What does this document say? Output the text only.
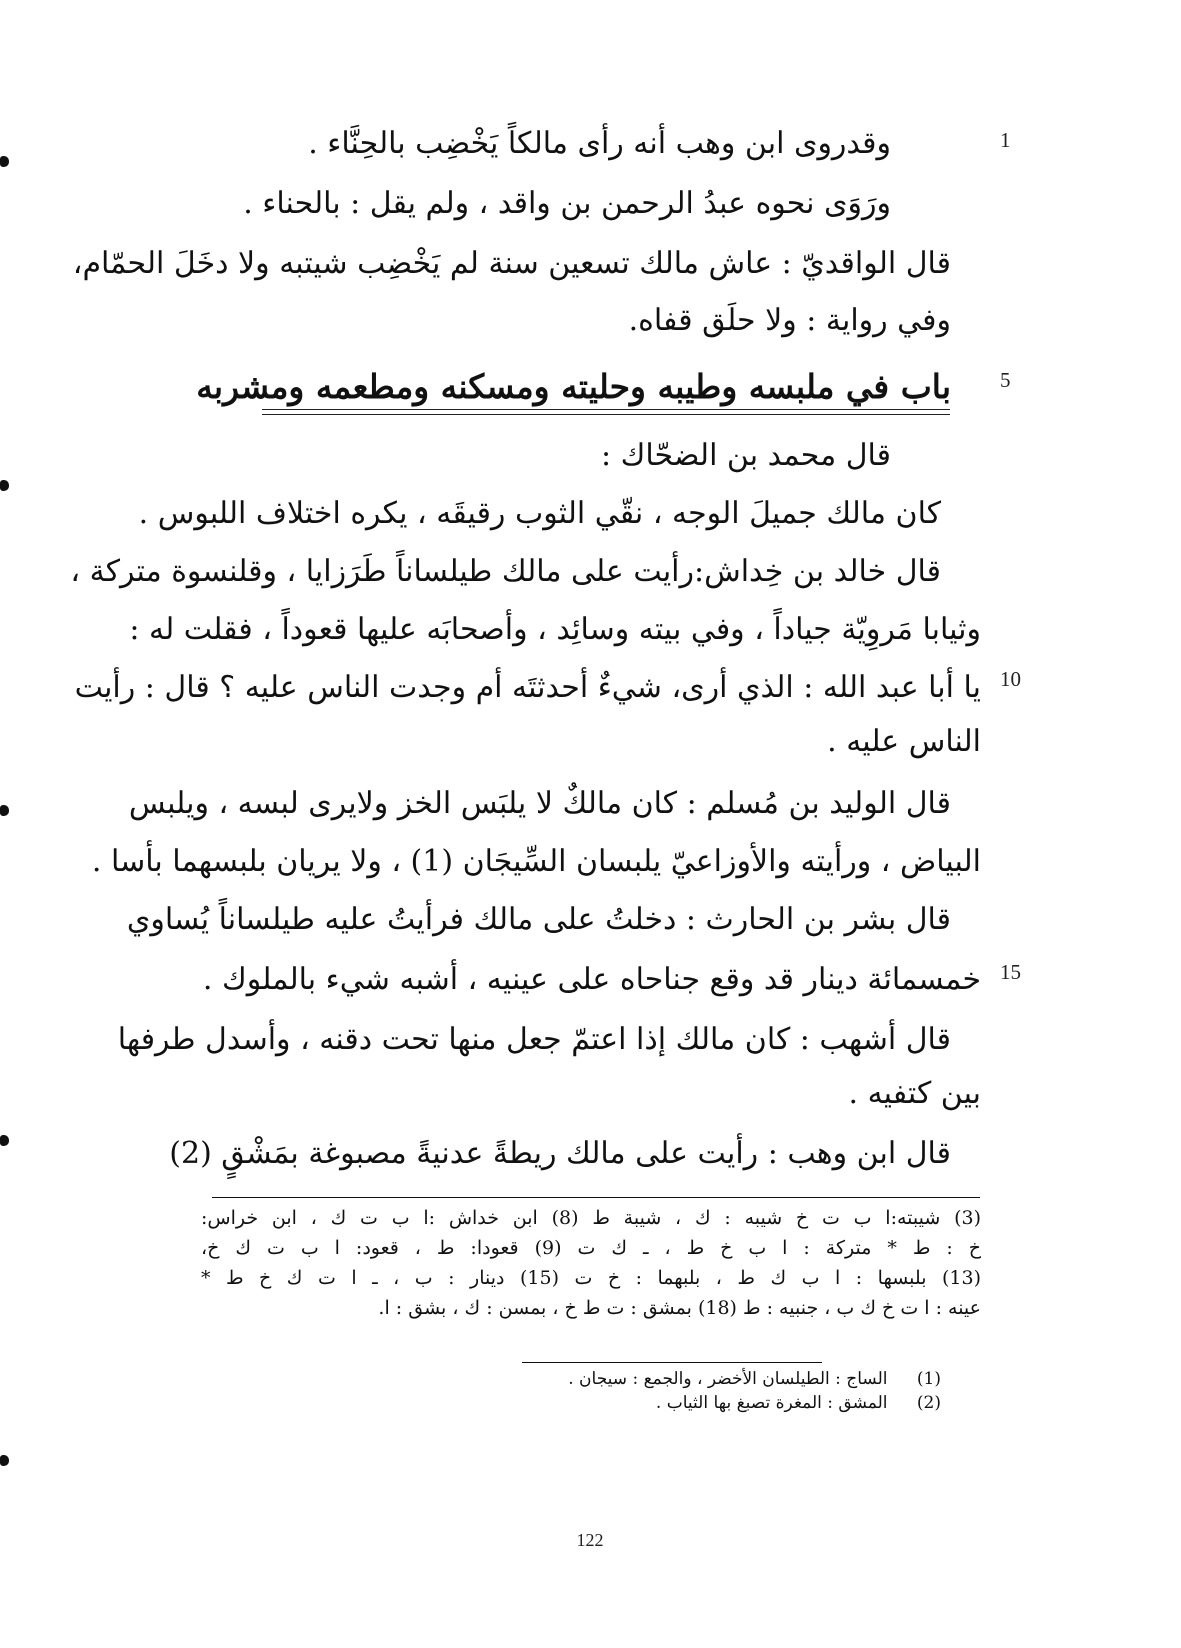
1
5
10
15
وقدروى ابن وهب أنه رأى مالكاً يَخْضِب بالحِنَّاء .
ورَوَى نحوه عبدُ الرحمن بن واقد ، ولم يقل : بالحناء .
قال الواقديّ : عاش مالك تسعين سنة لم يَخْضِب شيتبه ولا دخَلَ الحمّام،
وفي رواية : ولا حلَق قفاه.
باب في ملبسه وطيبه وحليته ومسكنه ومطعمه ومشربه
قال محمد بن الضحّاك :
كان مالك جميلَ الوجه ، نقّي الثوب رقيقَه ، يكره اختلاف اللبوس .
قال خالد بن خِداش:رأيت على مالك طيلساناً طَرَزايا ، وقلنسوة متركة ،
وثيابا مَروِيّة جياداً ، وفي بيته وسائِد ، وأصحابَه عليها قعوداً ، فقلت له :
يا أبا عبد الله : الذي أرى، شيءٌ أحدثتَه أم وجدت الناس عليه ؟ قال : رأيت
الناس عليه .
قال الوليد بن مُسلم : كان مالكٌ لا يلبَس الخز ولايرى لبسه ، ويلبس
البياض ، ورأيته والأوزاعيّ يلبسان السِّيجَان (1) ، ولا يريان بلبسهما بأسا .
قال بشر بن الحارث : دخلتُ على مالك فرأيتُ عليه طيلساناً يُساوي
خمسمائة دينار قد وقع جناحاه على عينيه ، أشبه شيء بالملوك .
قال أشهب : كان مالك إذا اعتمّ جعل منها تحت دقنه ، وأسدل طرفها
بين كتفيه .
قال ابن وهب : رأيت على مالك ريطةً عدنيةً مصبوغة بمَشْقٍ (2)
(3) شيبته:ا ب ت خ شيبه : ك ، شيبة ط (8) ابن خداش :ا ب ت ك ، ابن خراس:
خ : ط * متركة : ا ب خ ط ، ـ ك ت (9) قعودا: ط ، قعود: ا ب ت ك خ،
(13) بلبسها : ا ب ك ط ، بلبهما : خ ت (15) دينار : ب ، ـ ا ت ك خ ط *
عينه : ا ت خ ك ب ، جنبيه : ط (18) بمشق : ت ط خ ، بمسن : ك ، بشق : ا.
(1) الساج : الطيلسان الأخضر ، والجمع : سيجان .
(2) المشق : المغرة تصبغ بها الثياب .
122
